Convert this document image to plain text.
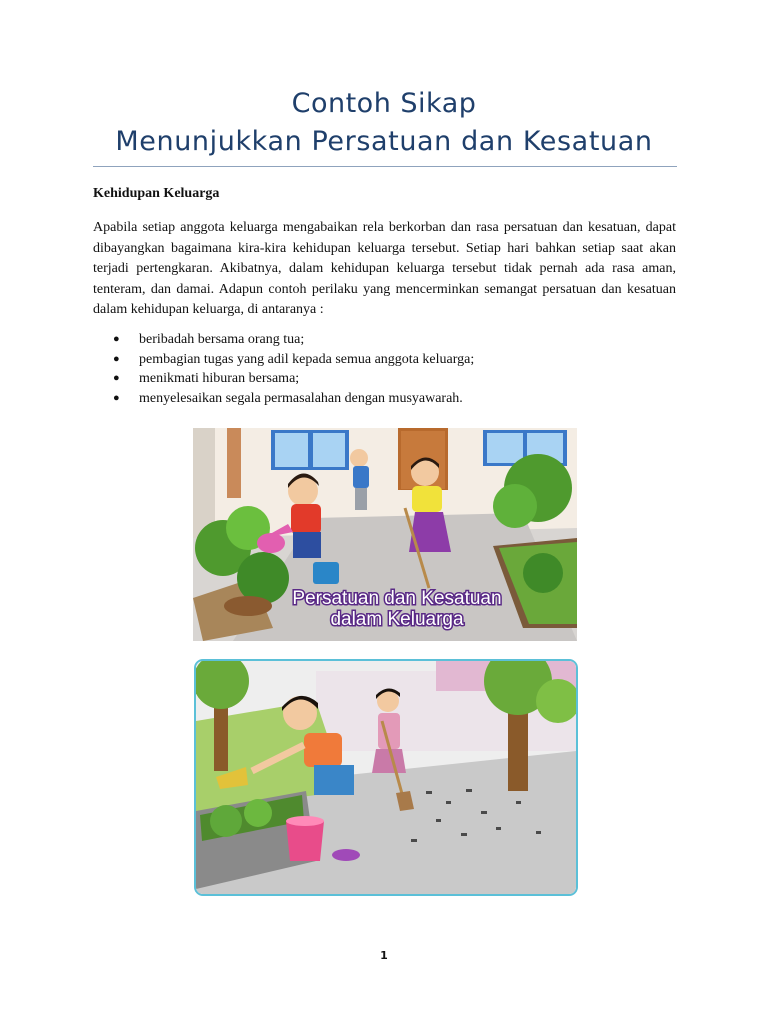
Contoh Sikap
Menunjukkan Persatuan dan Kesatuan
Kehidupan Keluarga

Apabila setiap anggota keluarga mengabaikan rela berkorban dan rasa persatuan dan kesatuan, dapat dibayangkan bagaimana kira-kira kehidupan keluarga tersebut. Setiap hari bahkan setiap saat akan terjadi pertengkaran. Akibatnya, dalam kehidupan keluarga tersebut tidak pernah ada rasa aman, tenteram, dan damai. Adapun contoh perilaku yang mencerminkan semangat persatuan dan kesatuan dalam kehidupan keluarga, di antaranya :

● beribadah bersama orang tua;
● pembagian tugas yang adil kepada semua anggota keluarga;
● menikmati hiburan bersama;
● menyelesaikan segala permasalahan dengan musyawarah.
Persatuan dan Kesatuan
dalam Keluarga
1
